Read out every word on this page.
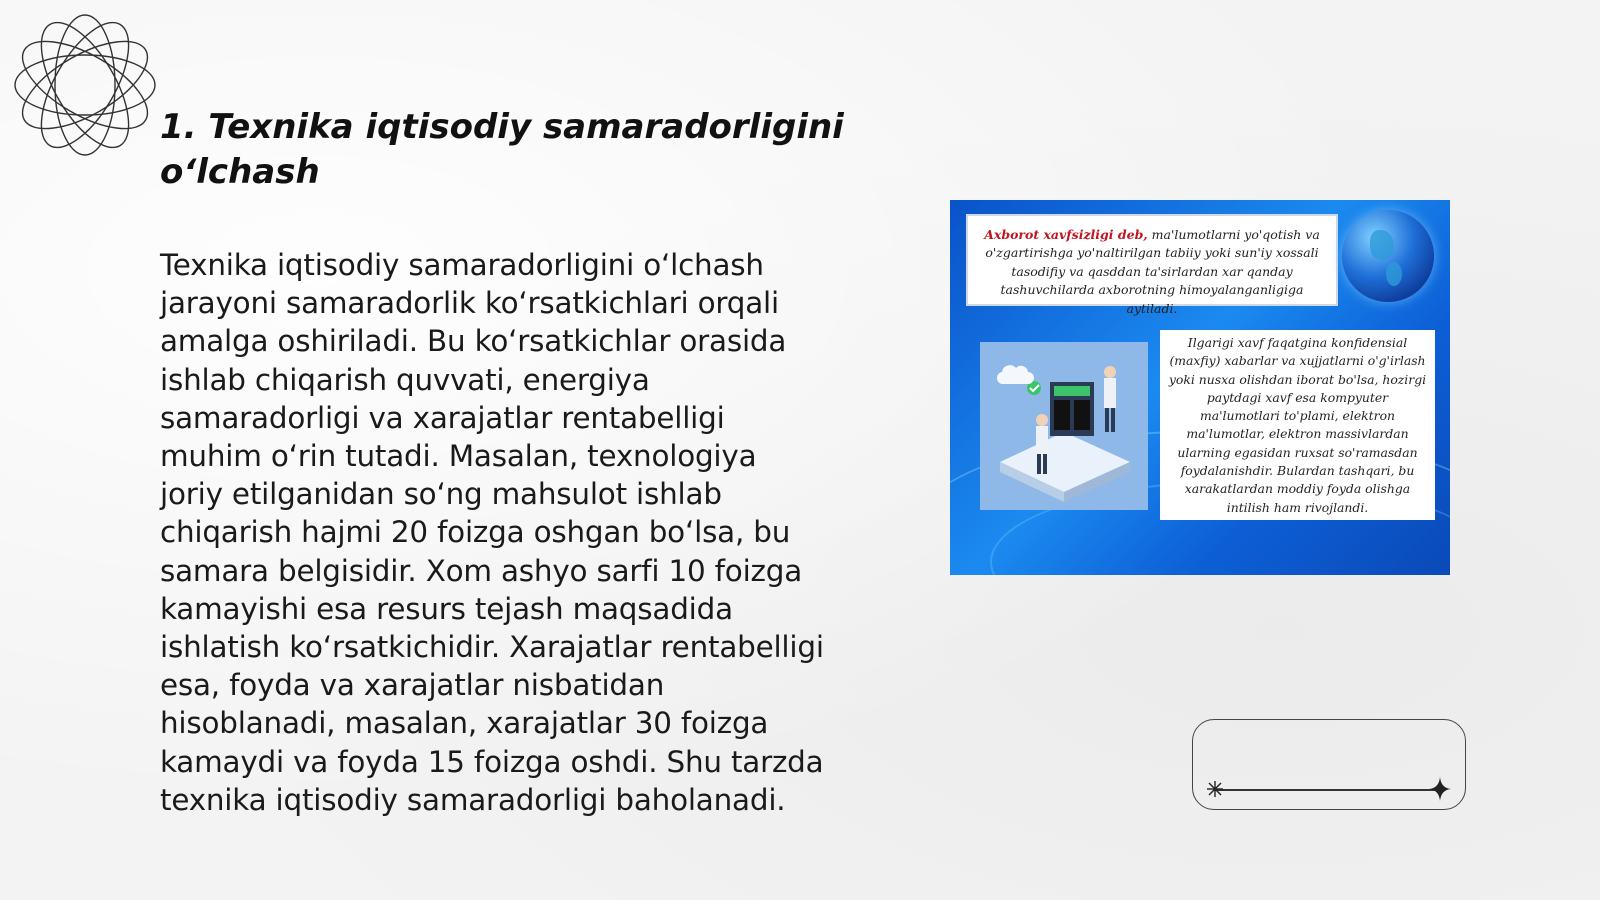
1. Texnika iqtisodiy samaradorligini
o‘lchash
Texnika iqtisodiy samaradorligini o‘lchash
jarayoni samaradorlik ko‘rsatkichlari orqali
amalga oshiriladi. Bu ko‘rsatkichlar orasida
ishlab chiqarish quvvati, energiya
samaradorligi va xarajatlar rentabelligi
muhim o‘rin tutadi. Masalan, texnologiya
joriy etilganidan so‘ng mahsulot ishlab
chiqarish hajmi 20 foizga oshgan bo‘lsa, bu
samara belgisidir. Xom ashyo sarfi 10 foizga
kamayishi esa resurs tejash maqsadida
ishlatish ko‘rsatkichidir. Xarajatlar rentabelligi
esa, foyda va xarajatlar nisbatidan
hisoblanadi, masalan, xarajatlar 30 foizga
kamaydi va foyda 15 foizga oshdi. Shu tarzda
texnika iqtisodiy samaradorligi baholanadi.
Axborot xavfsizligi deb, ma'lumotlarni yo'qotish va
o'zgartirishga yo'naltirilgan tabiiy yoki sun'iy xossali
tasodifiy va qasddan ta'sirlardan xar qanday
tashuvchilarda axborotning himoyalanganligiga aytiladi.
Ilgarigi xavf faqatgina konfidensial
(maxfiy) xabarlar va xujjatlarni o'g'irlash
yoki nusxa olishdan iborat bo'lsa, hozirgi
paytdagi xavf esa kompyuter
ma'lumotlari to'plami, elektron
ma'lumotlar, elektron massivlardan
ularning egasidan ruxsat so'ramasdan
foydalanishdir. Bulardan tashqari, bu
xarakatlardan moddiy foyda olishga
intilish ham rivojlandi.
